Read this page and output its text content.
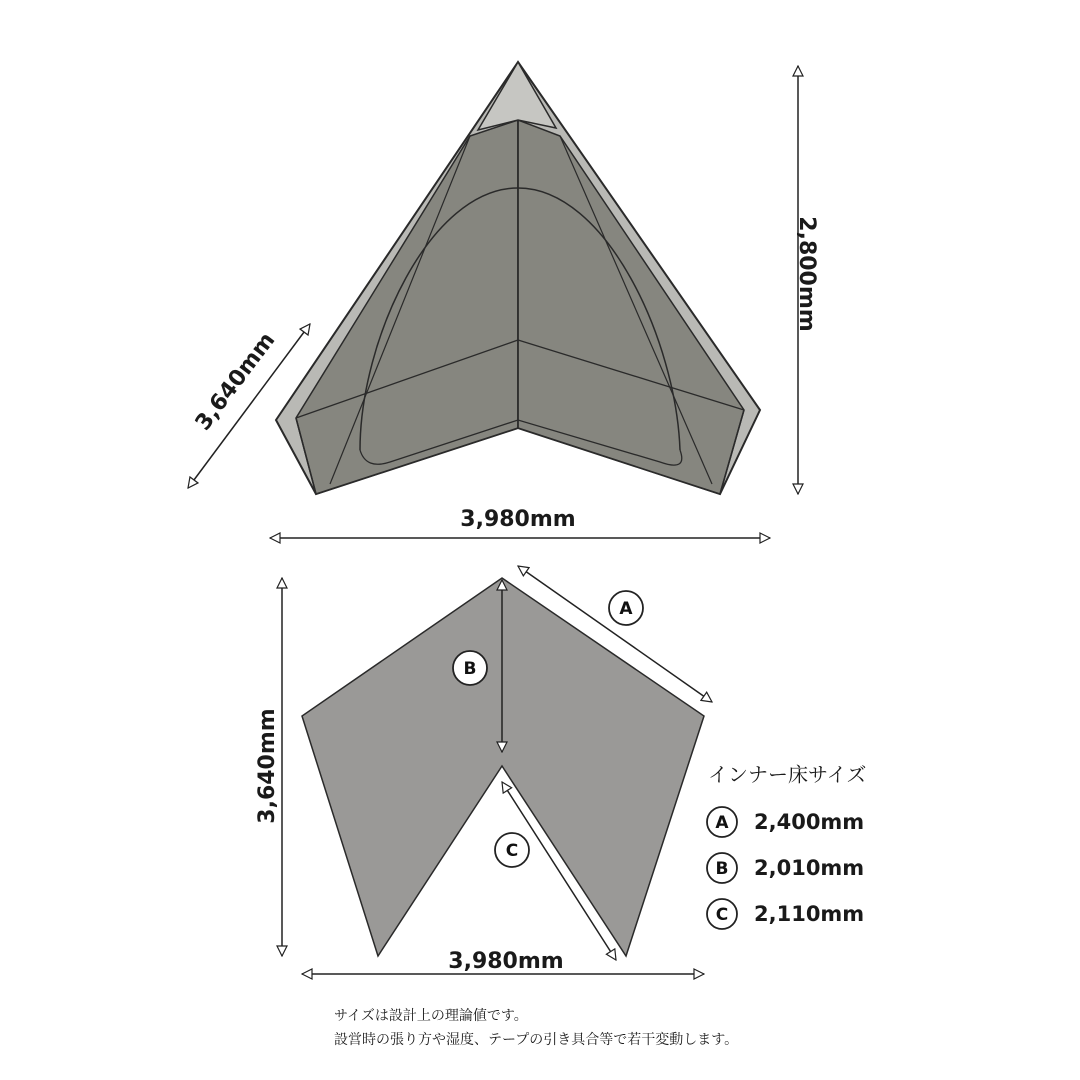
2,800mm
3,640mm
3,980mm
3,640mm
3,980mm
A
B
C
インナー床サイズ
A 2,400mm
B 2,010mm
C 2,110mm
サイズは設計上の理論値です。
設営時の張り方や湿度、テープの引き具合等で若干変動します。
